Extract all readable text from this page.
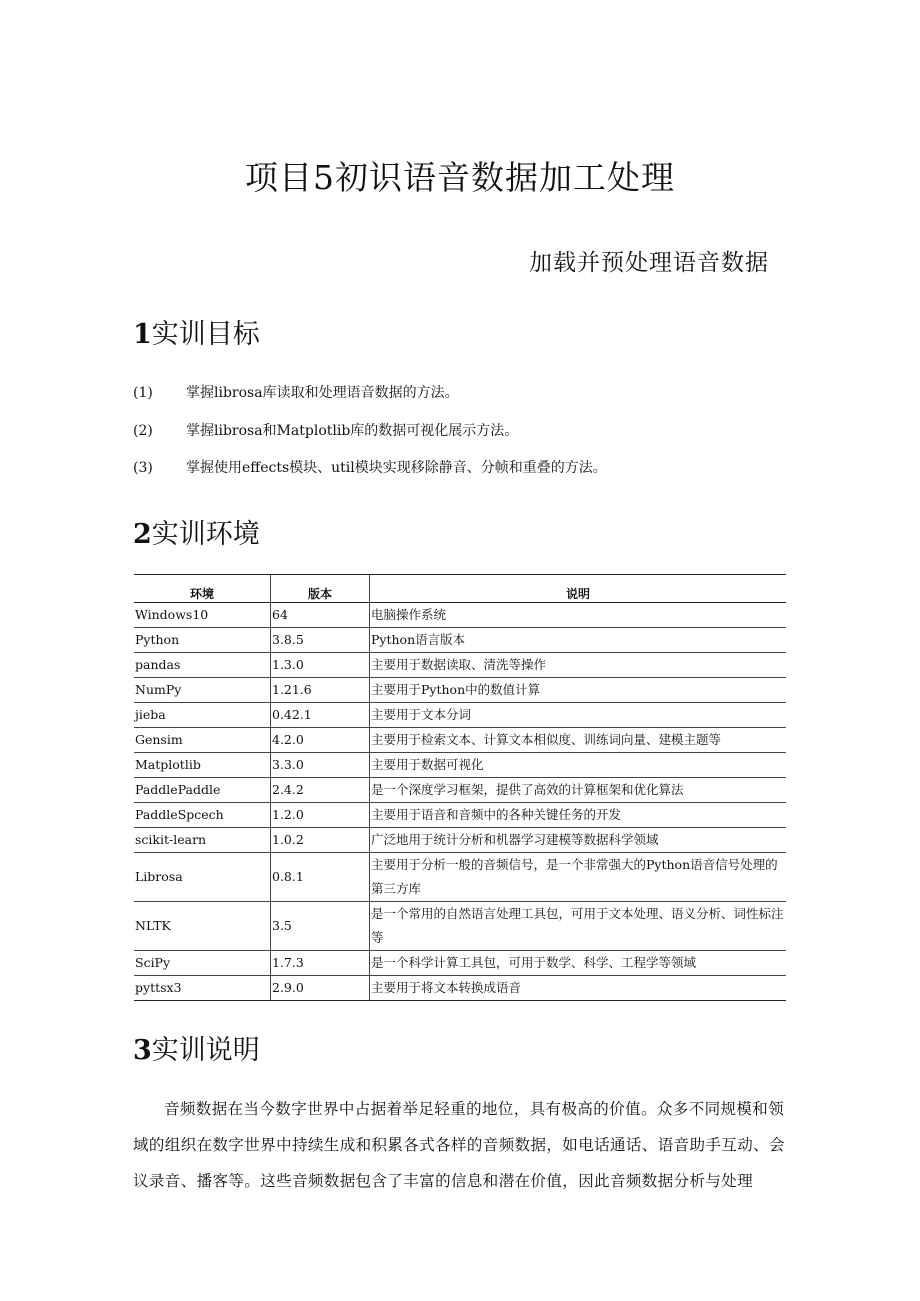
项目5初识语音数据加工处理
加载并预处理语音数据
1实训目标
(1) 掌握librosa库读取和处理语音数据的方法。
(2) 掌握librosa和Matplotlib库的数据可视化展示方法。
(3) 掌握使用effects模块、util模块实现移除静音、分帧和重叠的方法。
2实训环境
环境	版本	说明
Windows10	64	电脑操作系统
Python	3.8.5	Python语言版本
pandas	1.3.0	主要用于数据读取、清洗等操作
NumPy	1.21.6	主要用于Python中的数值计算
jieba	0.42.1	主要用于文本分词
Gensim	4.2.0	主要用于检索文本、计算文本相似度、训练词向量、建模主题等
Matplotlib	3.3.0	主要用于数据可视化
PaddlePaddle	2.4.2	是一个深度学习框架，提供了高效的计算框架和优化算法
PaddleSpcech	1.2.0	主要用于语音和音频中的各种关键任务的开发
scikit-learn	1.0.2	广泛地用于统计分析和机器学习建模等数据科学领域
Librosa	0.8.1	主要用于分析一般的音频信号，是一个非常强大的Python语音信号处理的第三方库
NLTK	3.5	是一个常用的自然语言处理工具包，可用于文本处理、语义分析、词性标注等
SciPy	1.7.3	是一个科学计算工具包，可用于数学、科学、工程学等领域
pyttsx3	2.9.0	主要用于将文本转换成语音
3实训说明

音频数据在当今数字世界中占据着举足轻重的地位，具有极高的价值。众多不同规模和领域的组织在数字世界中持续生成和积累各式各样的音频数据，如电话通话、语音助手互动、会议录音、播客等。这些音频数据包含了丰富的信息和潜在价值，因此音频数据分析与处理
